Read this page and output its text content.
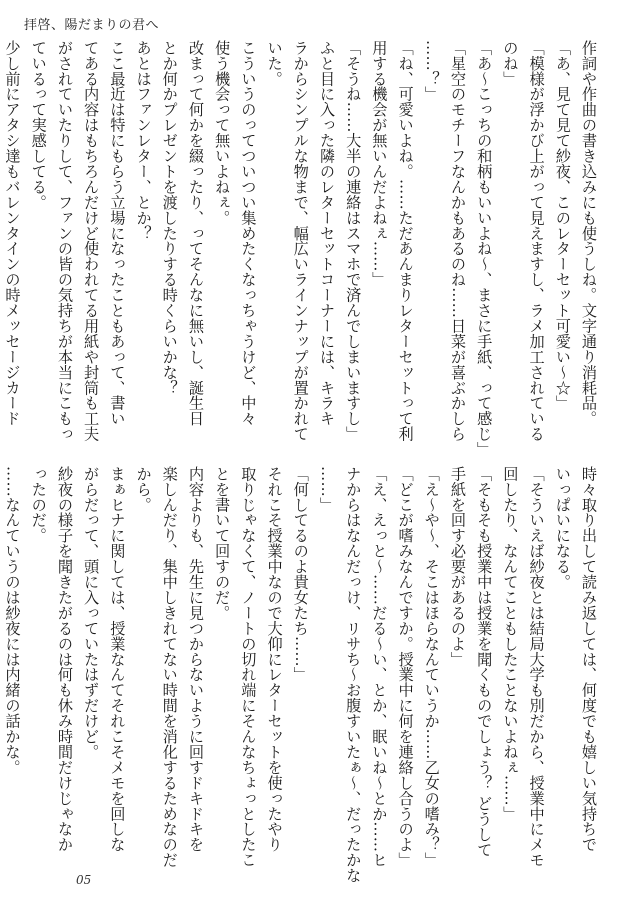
拝啓、陽だまりの君へ
作詞や作曲の書き込みにも使うしね。文字通り消耗品。
「あ、見て見て紗夜、このレターセット可愛い～☆」
「模様が浮かび上がって見えますし、ラメ加工されている
のね」
「あ～こっちの和柄もいいよね～、まさに手紙、って感じ」
「星空のモチーフなんかもあるのね……日菜が喜ぶかしら
……？」
「ね、可愛いよね。……ただあんまりレターセットって利
用する機会が無いんだよねぇ……」
「そうね……大半の連絡はスマホで済んでしまいますし」
ふと目に入った隣のレターセットコーナーには、キラキ
ラからシンプルな物まで、幅広いラインナップが置かれて
いた。
こういうのってついつい集めたくなっちゃうけど、中々
使う機会って無いよねぇ。
改まって何かを綴ったり、ってそんなに無いし、誕生日
とか何かプレゼントを渡したりする時くらいかな？
あとはファンレター、とか？
ここ最近は特にもらう立場になったこともあって、書い
てある内容はもちろんだけど使われてる用紙や封筒も工夫
がされていたりして、ファンの皆の気持ちが本当にこもっ
ているって実感してる。
少し前にアタシ達もバレンタインの時メッセージカード
時々取り出して読み返しては、何度でも嬉しい気持ちで
いっぱいになる。
「そういえば紗夜とは結局大学も別だから、授業中にメモ
回したり、なんてこともしたことないよねぇ……」
「そもそも授業中は授業を聞くものでしょう？ どうして
手紙を回す必要があるのよ」
「え～や～、そこはほらなんていうか……乙女の嗜み？」
「どこが嗜みなんですか。授業中に何を連絡し合うのよ」
「え、えっと～……だる～い、とか、眠いね～とか……ヒ
ナからはなんだっけ、リサち～お腹すいたぁ～、だったかな
……」
「何してるのよ貴女たち……」
それこそ授業中なので大仰にレターセットを使ったやり
取りじゃなくて、ノートの切れ端にそんなちょっとしたこ
とを書いて回すのだ。
内容よりも、先生に見つからないように回すドキドキを
楽しんだり、集中しきれてない時間を消化するためなのだ
から。
まぁヒナに関しては、授業なんてそれこそメモを回しな
がらだって、頭に入っていたはずだけど。
紗夜の様子を聞きたがるのは何も休み時間だけじゃなか
ったのだ。
……なんていうのは紗夜には内緒の話かな。
05
